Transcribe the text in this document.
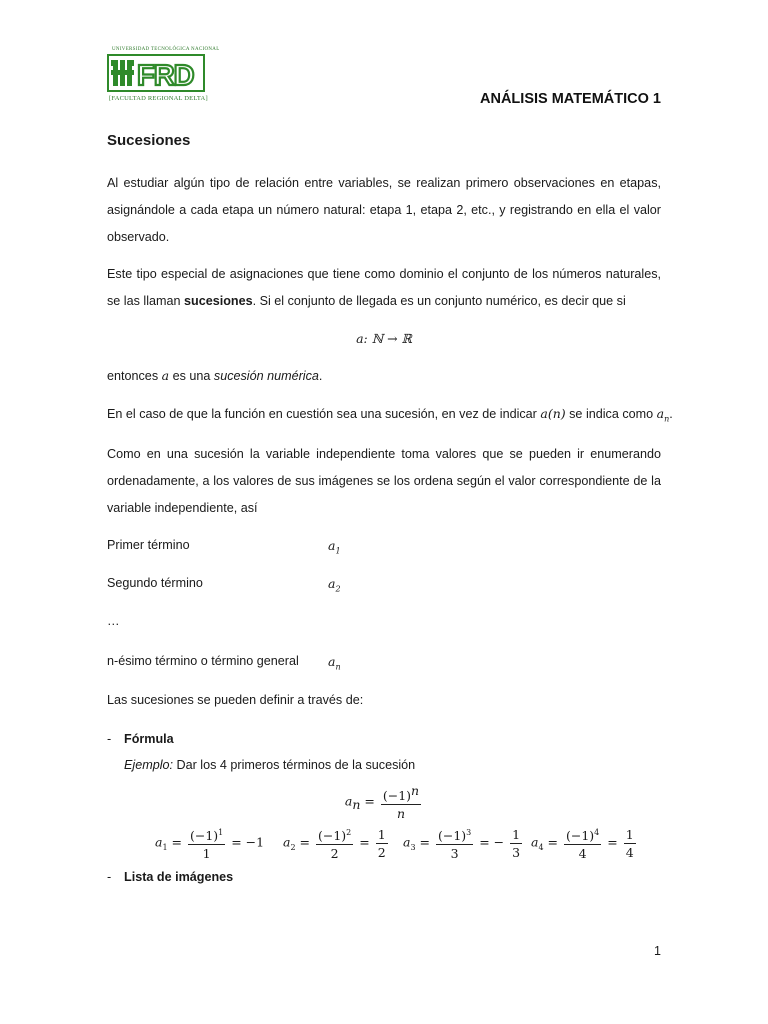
UNIVERSIDAD TECNOLÓGICA NACIONAL
FRD
[FACULTAD REGIONAL DELTA]	ANÁLISIS MATEMÁTICO 1
Sucesiones
Al estudiar algún tipo de relación entre variables, se realizan primero observaciones en etapas, asignándole a cada etapa un número natural: etapa 1, etapa 2, etc., y registrando en ella el valor observado.
Este tipo especial de asignaciones que tiene como dominio el conjunto de los números naturales, se las llaman sucesiones. Si el conjunto de llegada es un conjunto numérico, es decir que si
a: ℕ → ℝ
entonces a es una sucesión numérica.
En el caso de que la función en cuestión sea una sucesión, en vez de indicar a(n) se indica como $a_n$.
Como en una sucesión la variable independiente toma valores que se pueden ir enumerando ordenadamente, a los valores de sus imágenes se los ordena según el valor correspondiente de la variable independiente, así
Primer término	$a_1$
Segundo término	$a_2$
…
n-ésimo término o término general $a_n$
Las sucesiones se pueden definir a través de:
- Fórmula
Ejemplo: Dar los 4 primeros términos de la sucesión
$a_n = \frac{(-1)^n}{n}$
$a_1 = \frac{(-1)^1}{1} = -1$ $a_2 = \frac{(-1)^2}{2} = \frac{1}{2} a_3 = \frac{(-1)^3}{3}$ = − $\frac{1}{3} a_4 = \frac{(-1)^4}{4} = \frac{1}{4}$
- Lista de imágenes
1
